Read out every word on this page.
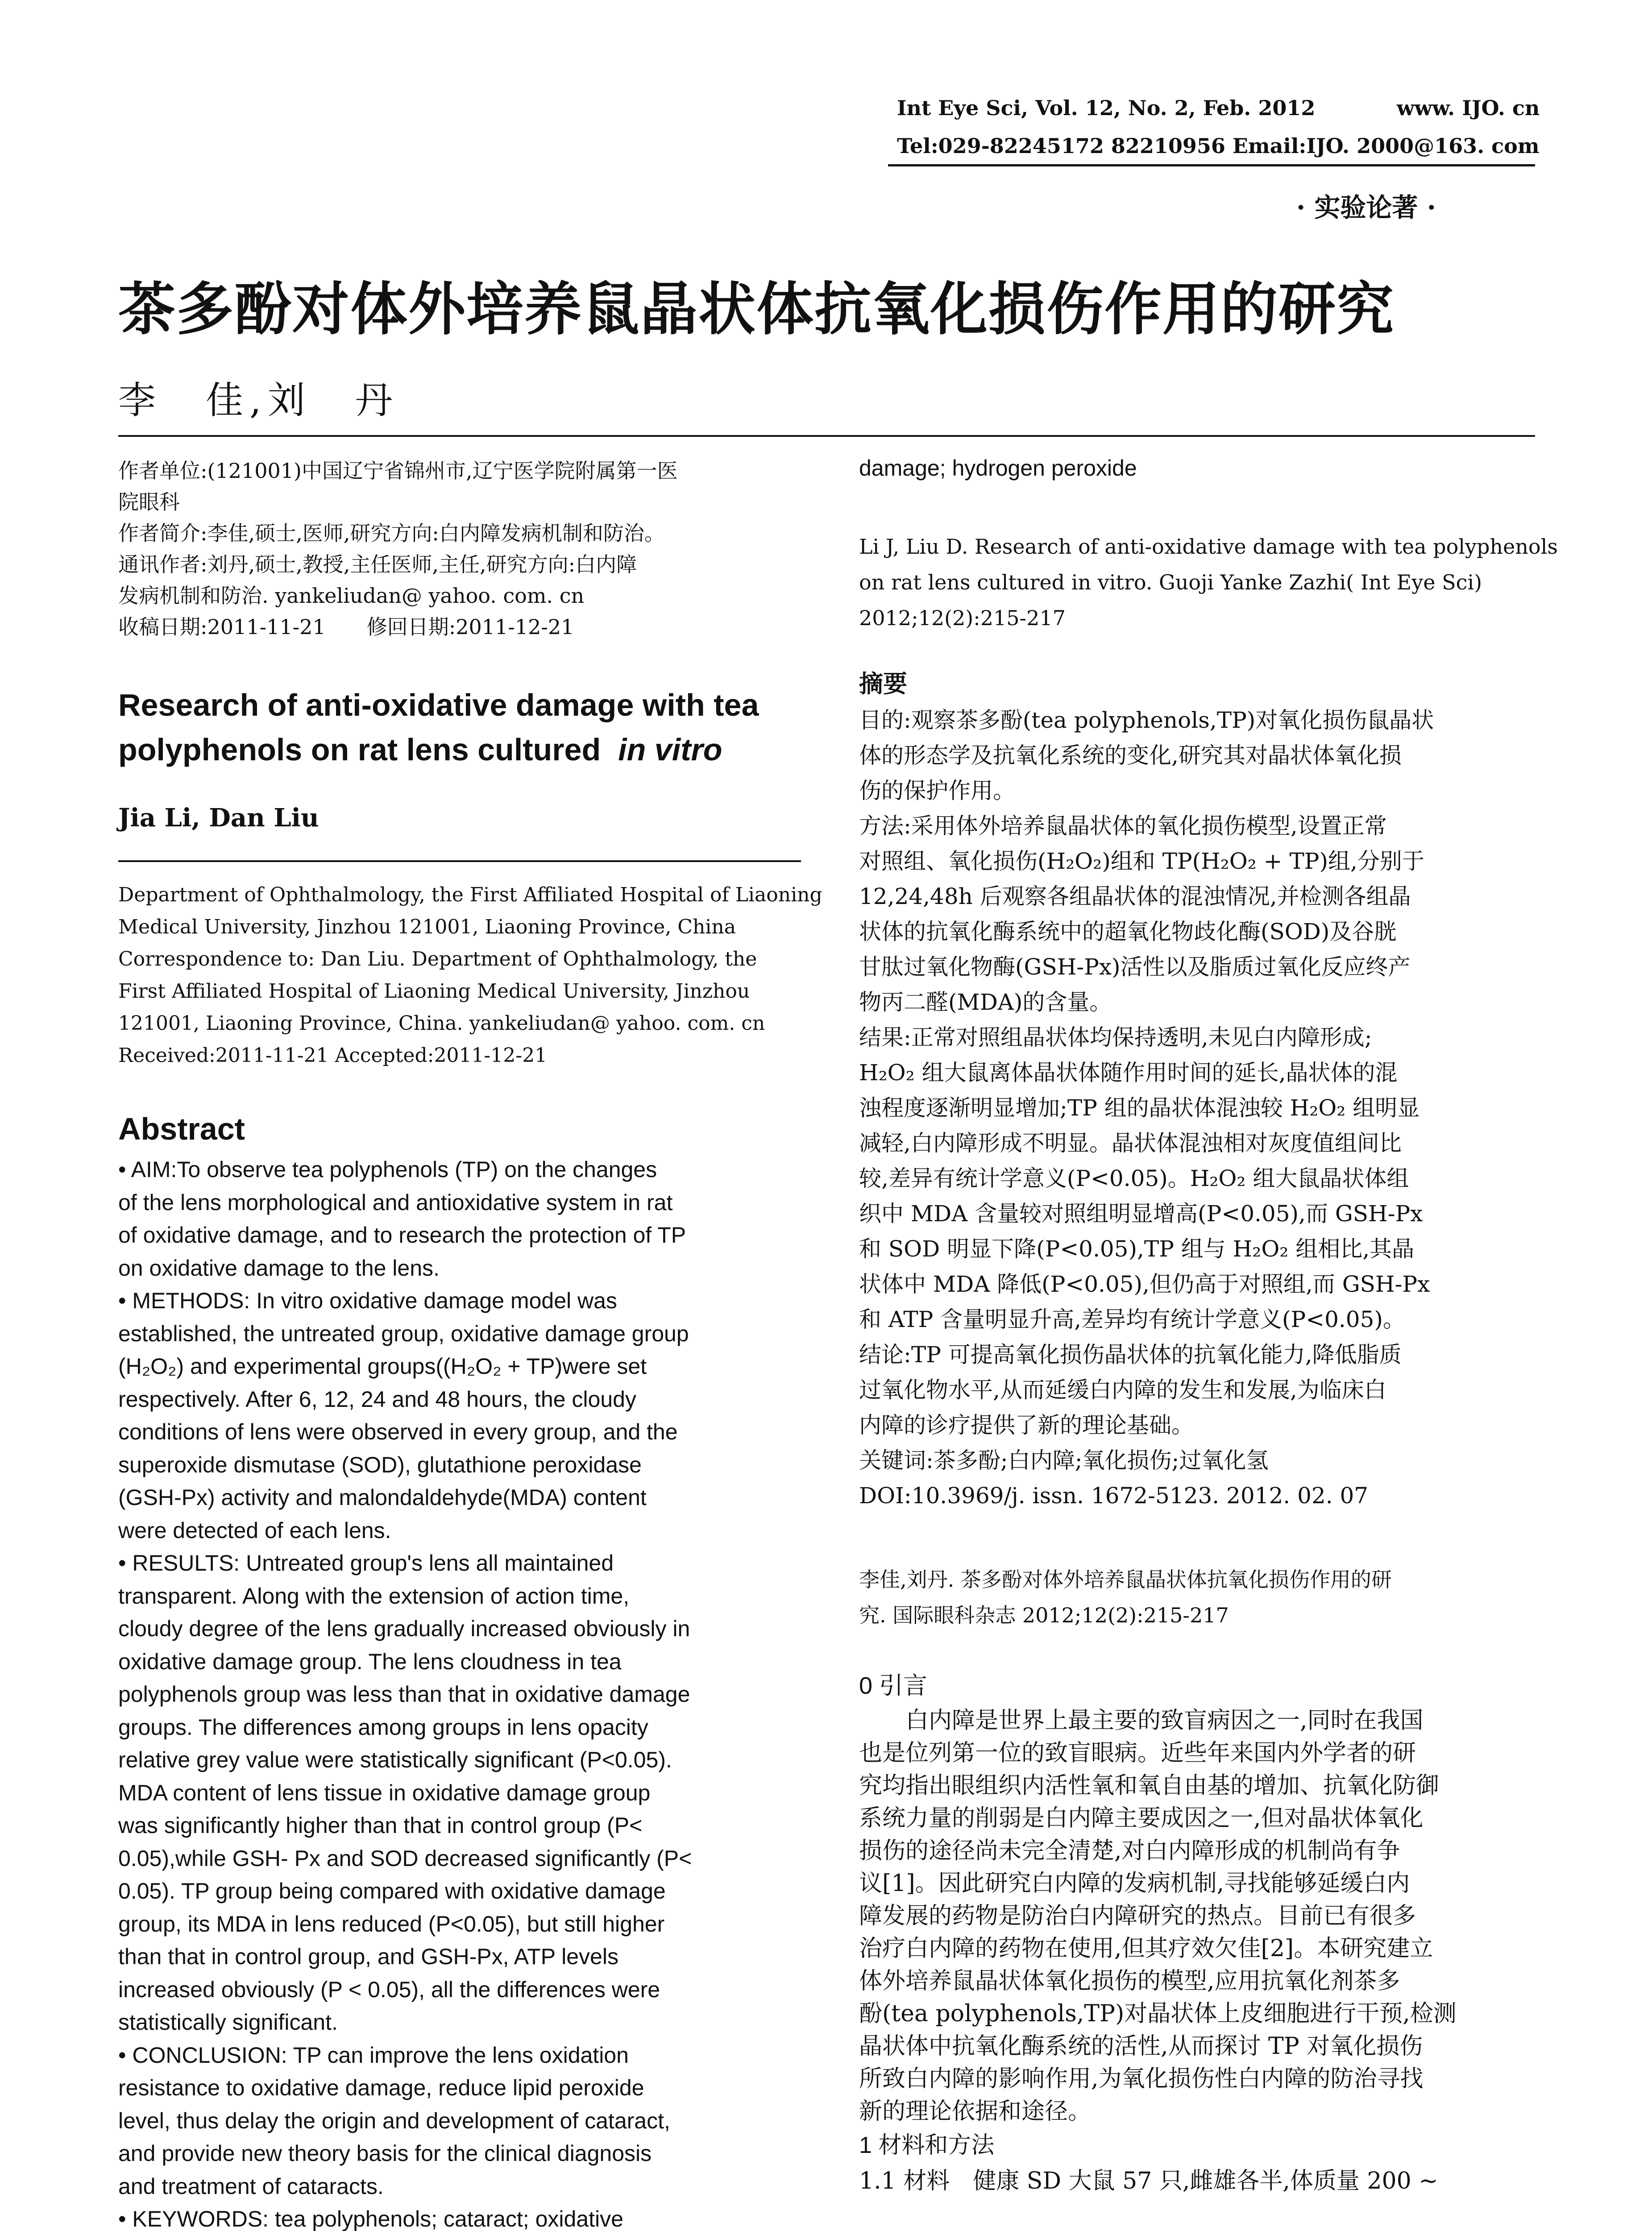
Int Eye Sci, Vol. 12, No. 2, Feb. 2012	www. IJO. cn
Tel:029-82245172 82210956 Email:IJO. 2000@163. com
· 实验论著 ·
茶多酚对体外培养鼠晶状体抗氧化损伤作用的研究
李　佳,刘　丹
作者单位:(121001)中国辽宁省锦州市,辽宁医学院附属第一医
院眼科
作者简介:李佳,硕士,医师,研究方向:白内障发病机制和防治。
通讯作者:刘丹,硕士,教授,主任医师,主任,研究方向:白内障
发病机制和防治. yankeliudan@ yahoo. com. cn
收稿日期:2011-11-21　　修回日期:2011-12-21
Research of anti-oxidative damage with tea
polyphenols on rat lens cultured in vitro
Jia Li, Dan Liu
Department of Ophthalmology, the First Affiliated Hospital of Liaoning
Medical University, Jinzhou 121001, Liaoning Province, China
Correspondence to: Dan Liu. Department of Ophthalmology, the
First Affiliated Hospital of Liaoning Medical University, Jinzhou
121001, Liaoning Province, China. yankeliudan@ yahoo. com. cn
Received:2011-11-21 Accepted:2011-12-21
Abstract
• AIM:To observe tea polyphenols (TP) on the changes
of the lens morphological and antioxidative system in rat
of oxidative damage, and to research the protection of TP
on oxidative damage to the lens.
• METHODS: In vitro oxidative damage model was
established, the untreated group, oxidative damage group
(H₂O₂) and experimental groups((H₂O₂ + TP)were set
respectively. After 6, 12, 24 and 48 hours, the cloudy
conditions of lens were observed in every group, and the
superoxide dismutase (SOD), glutathione peroxidase
(GSH-Px) activity and malondaldehyde(MDA) content
were detected of each lens.
• RESULTS: Untreated group's lens all maintained
transparent. Along with the extension of action time,
cloudy degree of the lens gradually increased obviously in
oxidative damage group. The lens cloudness in tea
polyphenols group was less than that in oxidative damage
groups. The differences among groups in lens opacity
relative grey value were statistically significant (P<0.05).
MDA content of lens tissue in oxidative damage group
was significantly higher than that in control group (P<
0.05),while GSH- Px and SOD decreased significantly (P<
0.05). TP group being compared with oxidative damage
group, its MDA in lens reduced (P<0.05), but still higher
than that in control group, and GSH-Px, ATP levels
increased obviously (P < 0.05), all the differences were
statistically significant.
• CONCLUSION: TP can improve the lens oxidation
resistance to oxidative damage, reduce lipid peroxide
level, thus delay the origin and development of cataract,
and provide new theory basis for the clinical diagnosis
and treatment of cataracts.
• KEYWORDS: tea polyphenols; cataract; oxidative
damage; hydrogen peroxide
Li J, Liu D. Research of anti-oxidative damage with tea polyphenols
on rat lens cultured in vitro. Guoji Yanke Zazhi( Int Eye Sci)
2012;12(2):215-217
摘要
目的:观察茶多酚(tea polyphenols,TP)对氧化损伤鼠晶状
体的形态学及抗氧化系统的变化,研究其对晶状体氧化损
伤的保护作用。
方法:采用体外培养鼠晶状体的氧化损伤模型,设置正常
对照组、氧化损伤(H₂O₂)组和 TP(H₂O₂ + TP)组,分别于
12,24,48h 后观察各组晶状体的混浊情况,并检测各组晶
状体的抗氧化酶系统中的超氧化物歧化酶(SOD)及谷胱
甘肽过氧化物酶(GSH-Px)活性以及脂质过氧化反应终产
物丙二醛(MDA)的含量。
结果:正常对照组晶状体均保持透明,未见白内障形成;
H₂O₂ 组大鼠离体晶状体随作用时间的延长,晶状体的混
浊程度逐渐明显增加;TP 组的晶状体混浊较 H₂O₂ 组明显
减轻,白内障形成不明显。晶状体混浊相对灰度值组间比
较,差异有统计学意义(P<0.05)。H₂O₂ 组大鼠晶状体组
织中 MDA 含量较对照组明显增高(P<0.05),而 GSH-Px
和 SOD 明显下降(P<0.05),TP 组与 H₂O₂ 组相比,其晶
状体中 MDA 降低(P<0.05),但仍高于对照组,而 GSH-Px
和 ATP 含量明显升高,差异均有统计学意义(P<0.05)。
结论:TP 可提高氧化损伤晶状体的抗氧化能力,降低脂质
过氧化物水平,从而延缓白内障的发生和发展,为临床白
内障的诊疗提供了新的理论基础。
关键词:茶多酚;白内障;氧化损伤;过氧化氢
DOI:10.3969/j. issn. 1672-5123. 2012. 02. 07
李佳,刘丹. 茶多酚对体外培养鼠晶状体抗氧化损伤作用的研
究. 国际眼科杂志 2012;12(2):215-217
0 引言
　　白内障是世界上最主要的致盲病因之一,同时在我国
也是位列第一位的致盲眼病。近些年来国内外学者的研
究均指出眼组织内活性氧和氧自由基的增加、抗氧化防御
系统力量的削弱是白内障主要成因之一,但对晶状体氧化
损伤的途径尚未完全清楚,对白内障形成的机制尚有争
议[1]。因此研究白内障的发病机制,寻找能够延缓白内
障发展的药物是防治白内障研究的热点。目前已有很多
治疗白内障的药物在使用,但其疗效欠佳[2]。本研究建立
体外培养鼠晶状体氧化损伤的模型,应用抗氧化剂茶多
酚(tea polyphenols,TP)对晶状体上皮细胞进行干预,检测
晶状体中抗氧化酶系统的活性,从而探讨 TP 对氧化损伤
所致白内障的影响作用,为氧化损伤性白内障的防治寻找
新的理论依据和途径。
1 材料和方法
1.1 材料　健康 SD 大鼠 57 只,雌雄各半,体质量 200 ~
